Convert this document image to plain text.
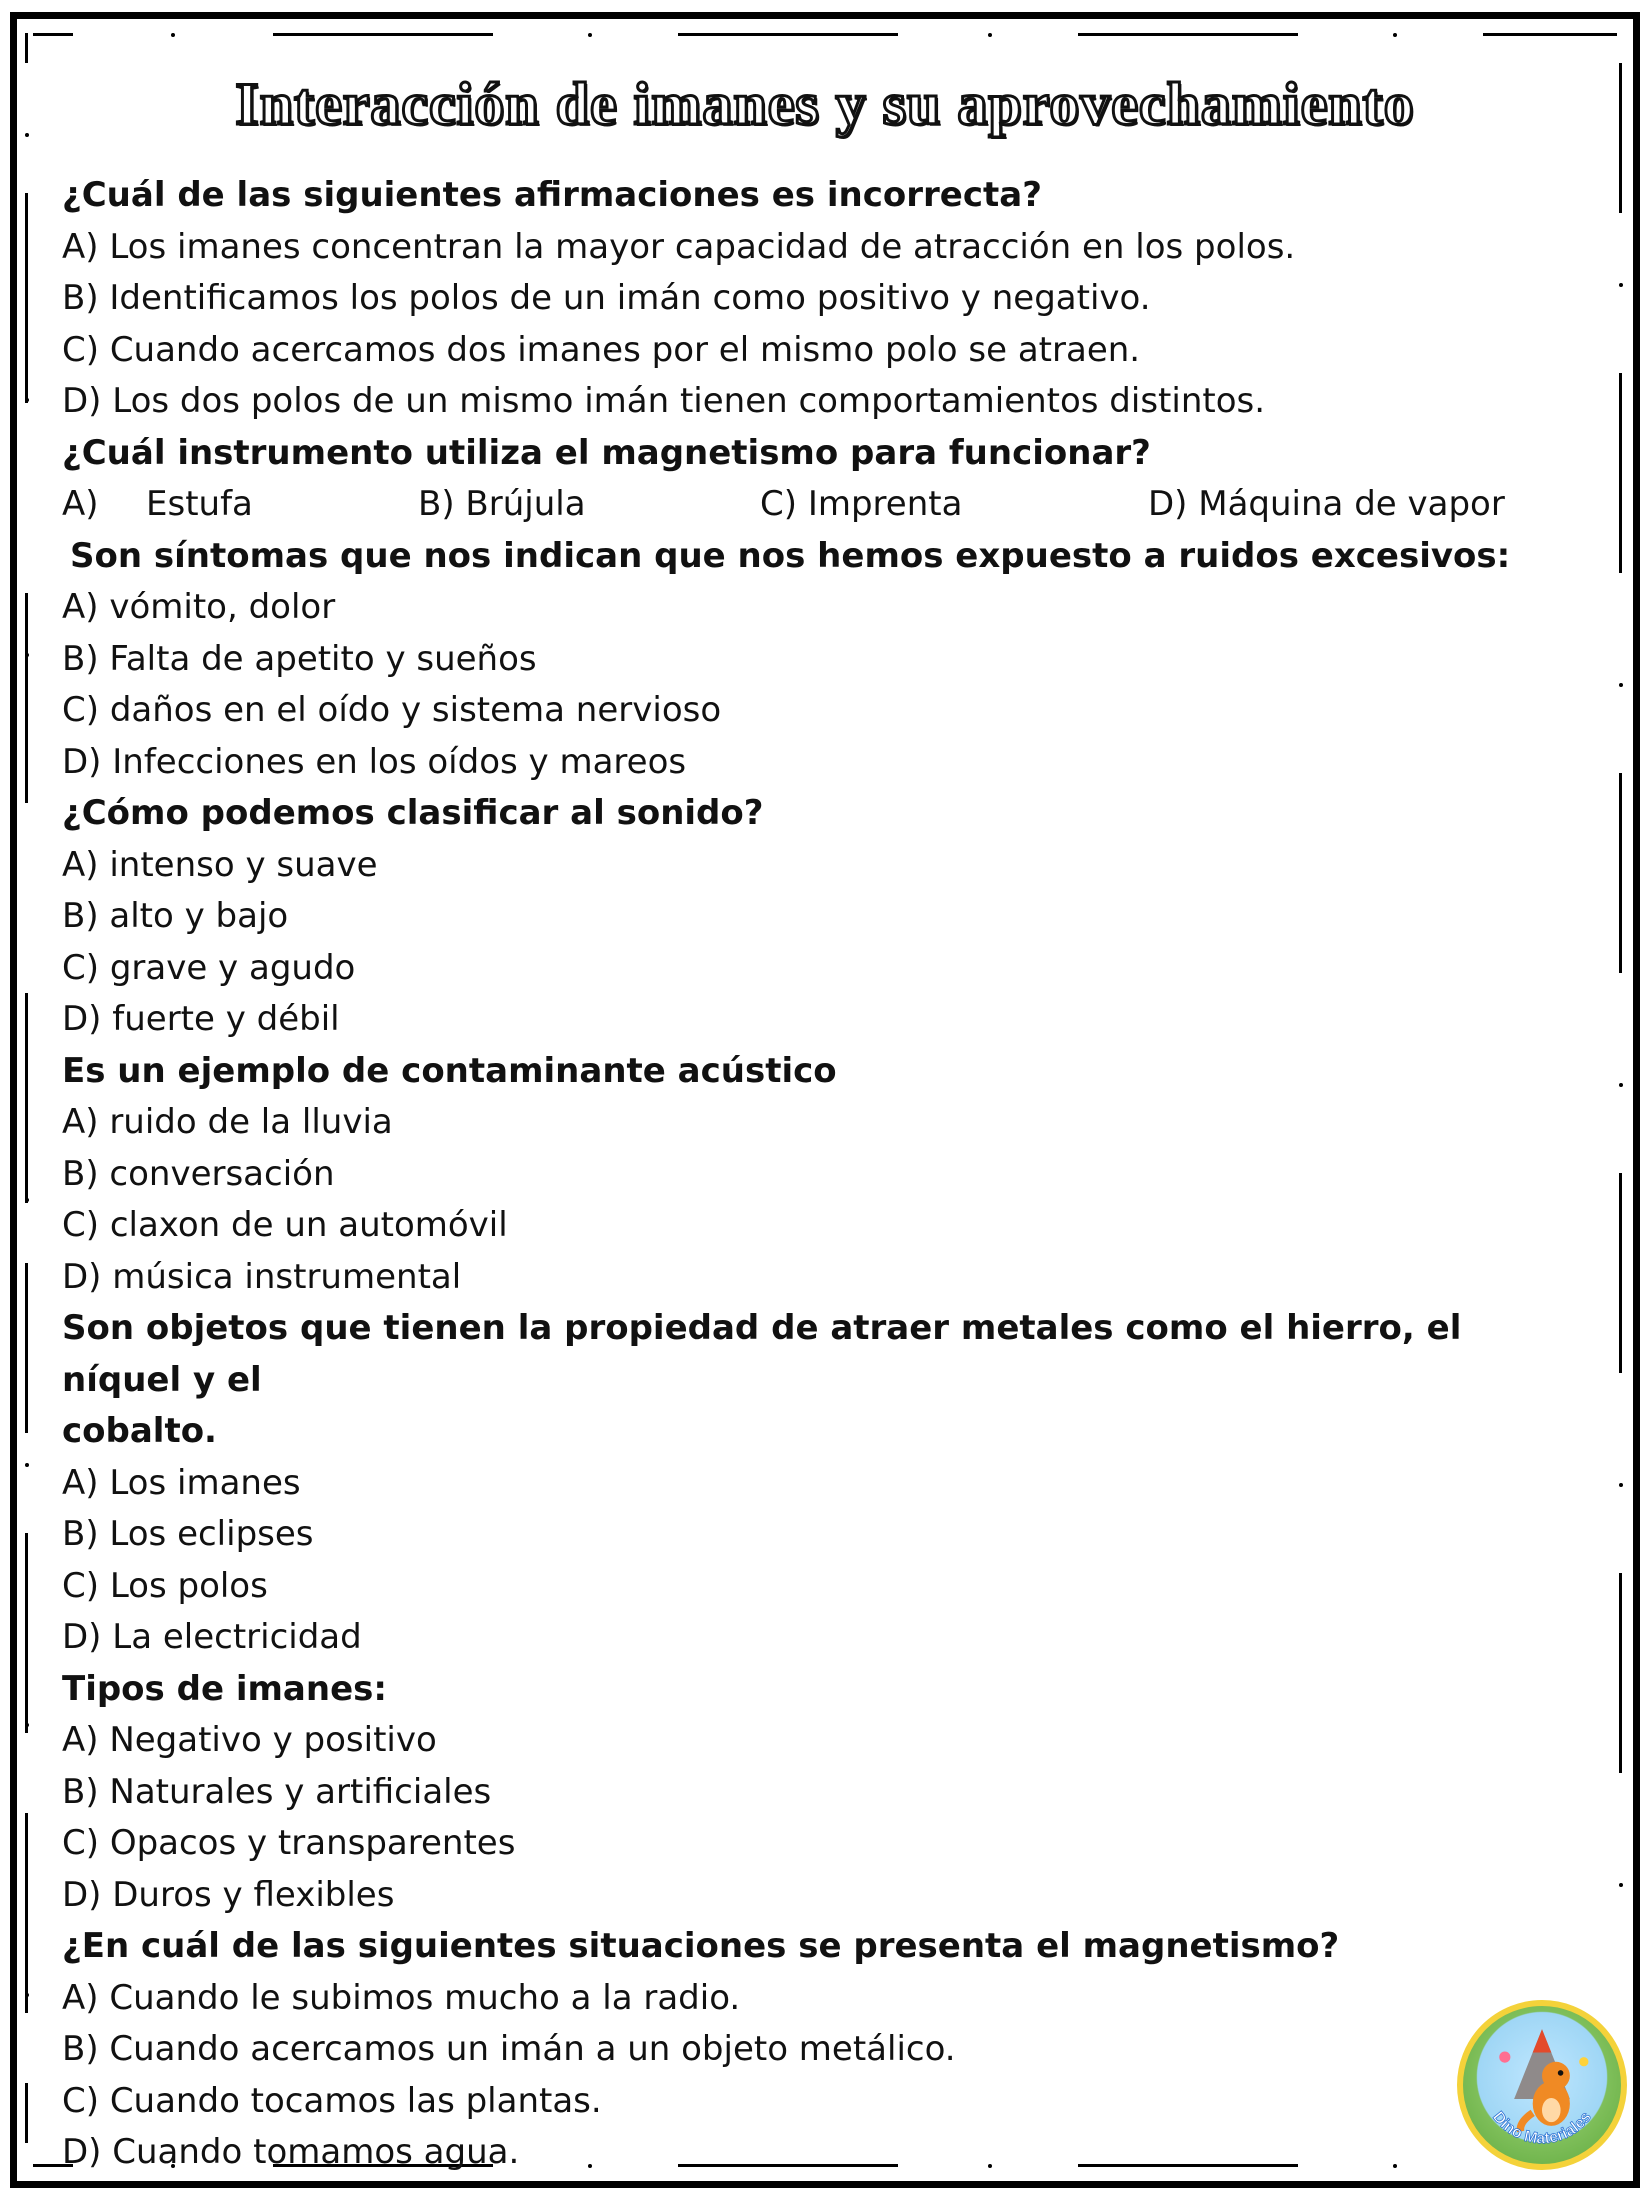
Interacción de imanes y su aprovechamiento

¿Cuál de las siguientes afirmaciones es incorrecta?

A) Los imanes concentran la mayor capacidad de atracción en los polos.

B) Identificamos los polos de un imán como positivo y negativo.

C) Cuando acercamos dos imanes por el mismo polo se atraen.

D) Los dos polos de un mismo imán tienen comportamientos distintos.

¿Cuál instrumento utiliza el magnetismo para funcionar?

A) Estufa	B) Brújula	C) Imprenta	D) Máquina de vapor

Son síntomas que nos indican que nos hemos expuesto a ruidos excesivos:

A) vómito, dolor

B) Falta de apetito y sueños

C) daños en el oído y sistema nervioso

D) Infecciones en los oídos y mareos

¿Cómo podemos clasificar al sonido?

A) intenso y suave

B) alto y bajo

C) grave y agudo

D) fuerte y débil

Es un ejemplo de contaminante acústico

A) ruido de la lluvia

B) conversación

C) claxon de un automóvil

D) música instrumental

Son objetos que tienen la propiedad de atraer metales como el hierro, el níquel y el

cobalto.

A) Los imanes

B) Los eclipses

C) Los polos

D) La electricidad

Tipos de imanes:

A) Negativo y positivo

B) Naturales y artificiales

C) Opacos y transparentes

D) Duros y flexibles

¿En cuál de las siguientes situaciones se presenta el magnetismo?

A) Cuando le subimos mucho a la radio.

B) Cuando acercamos un imán a un objeto metálico.

C) Cuando tocamos las plantas.

D) Cuando tomamos agua.

Dino Materiales
